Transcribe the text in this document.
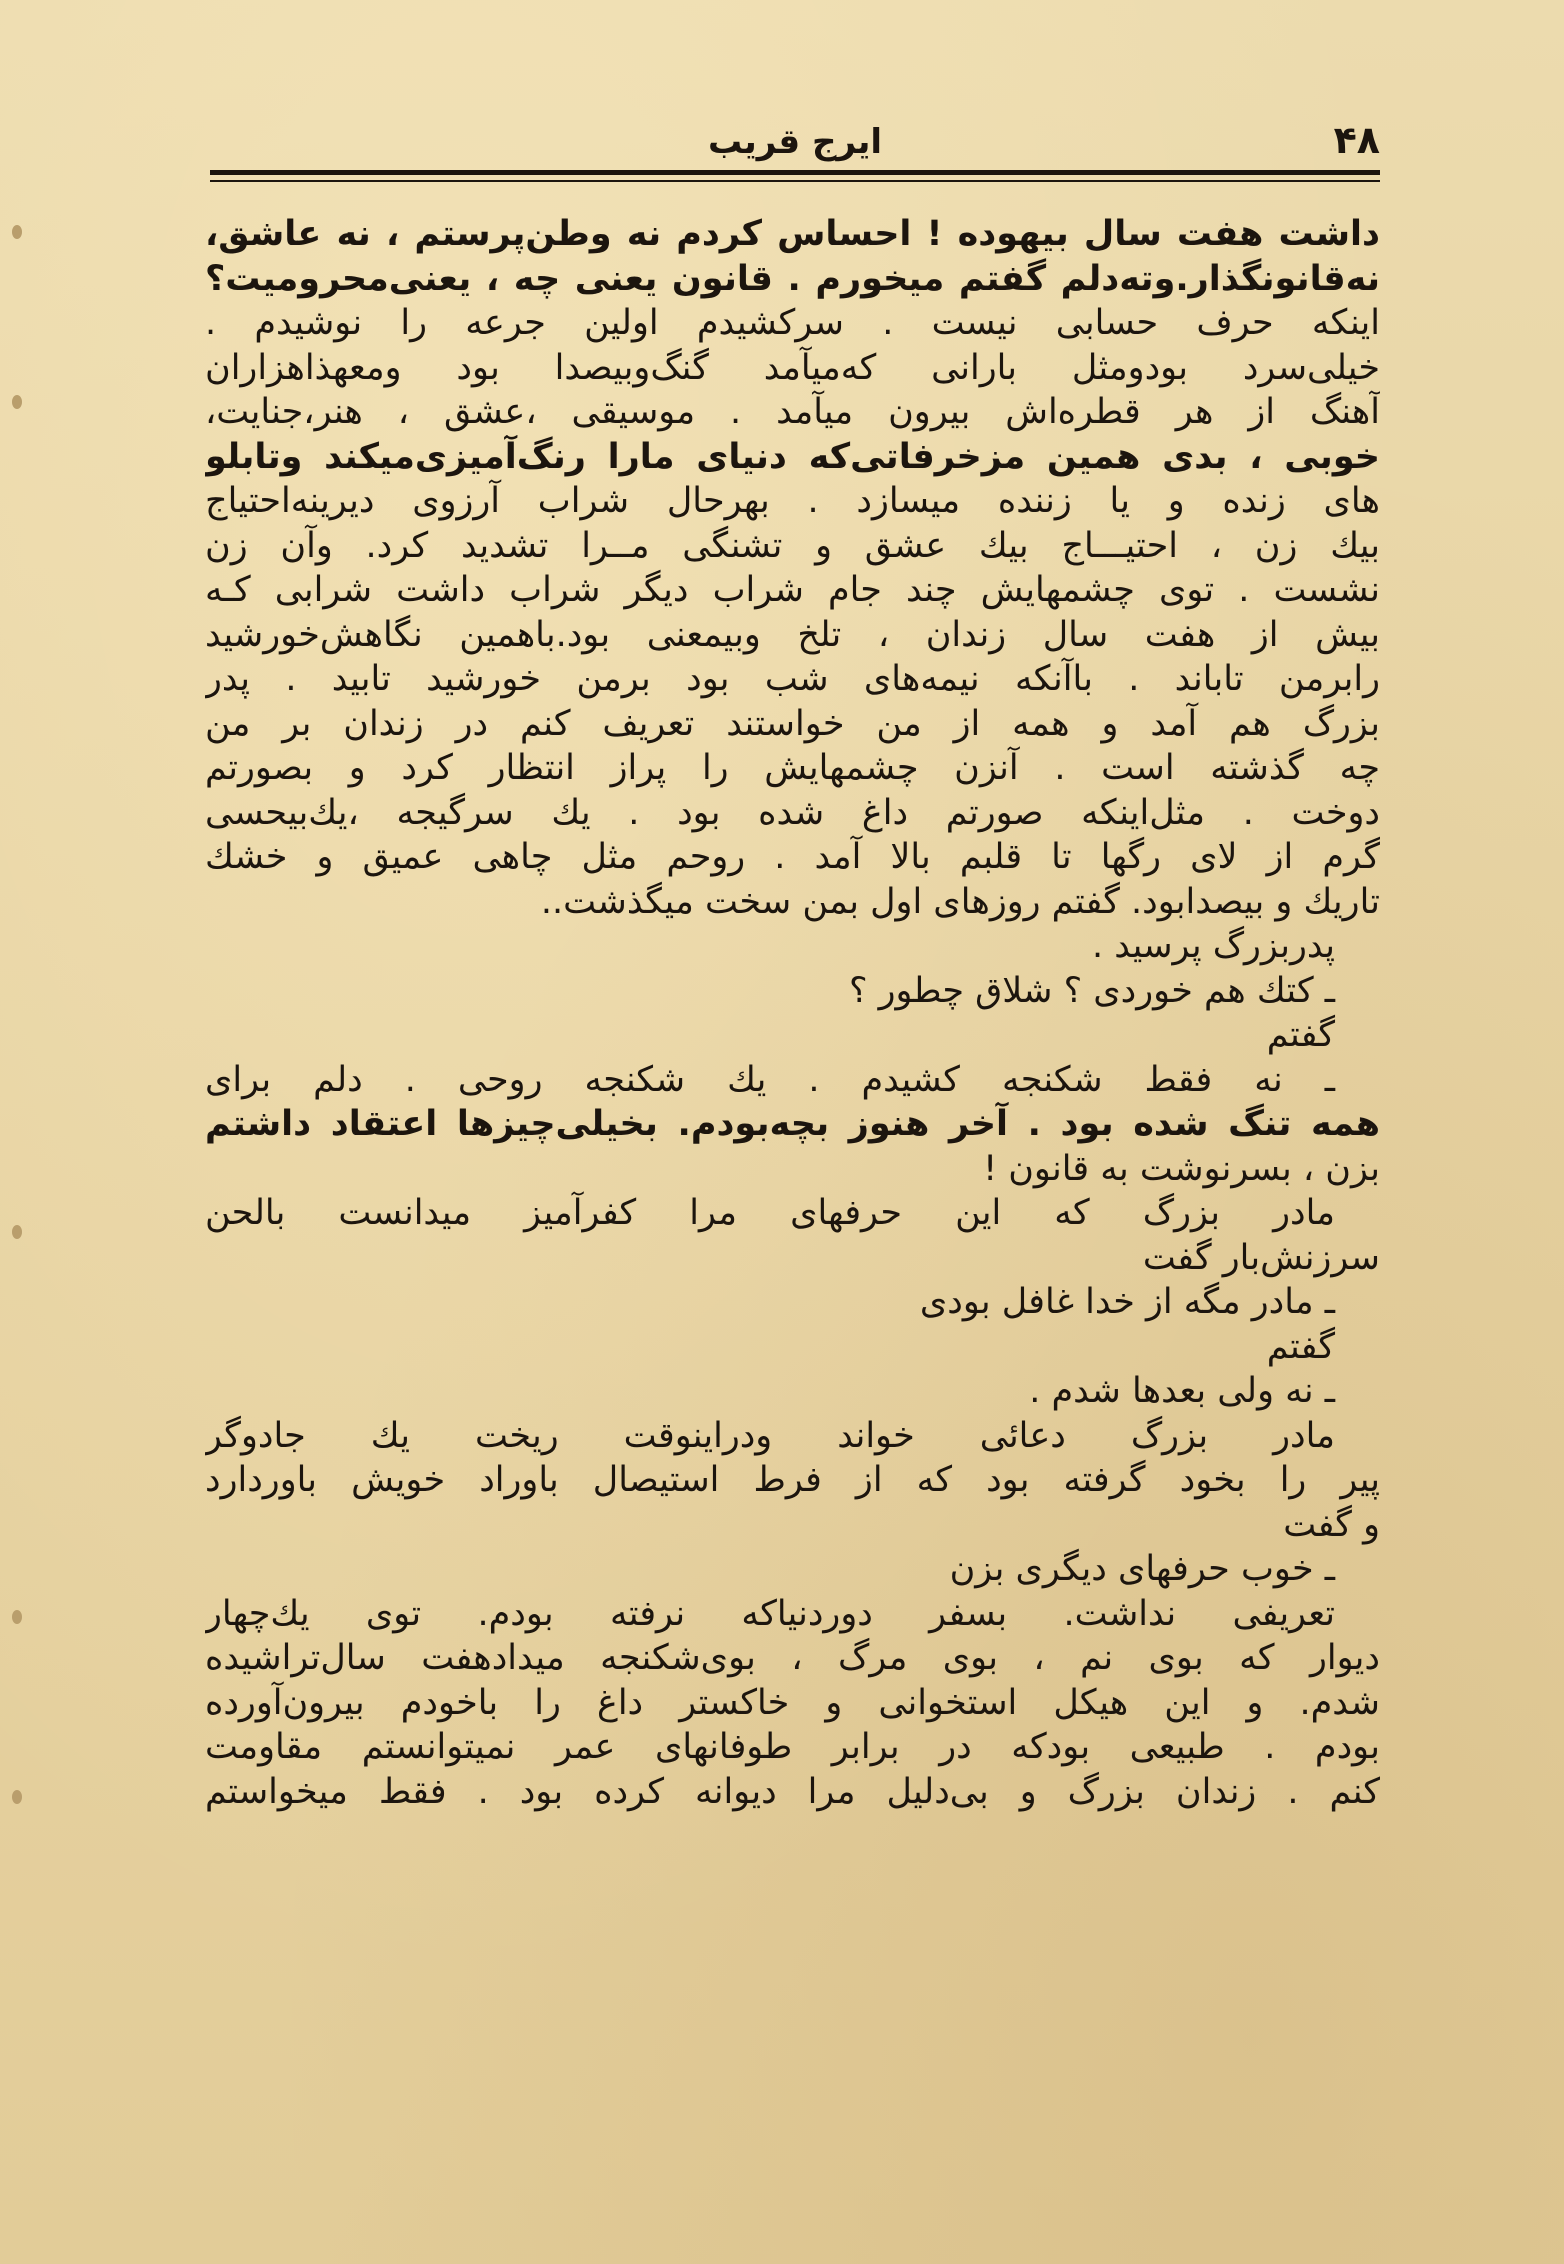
۴۸
ایرج قریب
داشت هفت سال بیهوده ! احساس کردم نه وطن‌پرستم ، نه عاشق،
نه‌قانونگذار.وته‌دلم گفتم میخورم . قانون یعنی چه ، یعنی‌محرومیت؟
اینکه حرف حسابی نیست . سرکشیدم اولین جرعه را نوشیدم .
خیلی‌سرد بودومثل بارانی که‌میآمد گنگ‌وبیصدا بود ومعهذاهزاران
آهنگ از هر قطره‌اش بیرون میآمد . موسیقی ،عشق ، هنر،جنایت،
خوبی ، بدی همین مزخرفاتی‌که دنیای مارا رنگ‌آمیزی‌میکند وتابلو
های زنده و یا زننده میسازد . بهرحال شراب آرزوی دیرینه‌احتیاج
بیك زن ، احتیـــاج بیك عشق و تشنگی مــرا تشدید کرد. وآن زن
نشست . توی چشمهایش چند جام شراب دیگر شراب داشت شرابی کـه
بیش از هفت سال زندان ، تلخ وبیمعنی بود.باهمین نگاهش‌خورشید
رابرمن تاباند . باآنکه نیمه‌های شب بود برمن خورشید تابید . پدر
بزرگ هم آمد و همه از من خواستند تعریف کنم در زندان بر من
چه گذشته است . آنزن چشمهایش را پراز انتظار کرد و بصورتم
دوخت . مثل‌اینکه صورتم داغ شده بود . یك سرگیجه ،یك‌بیحسی
گرم از لای رگها تا قلبم بالا آمد . روحم مثل چاهی عمیق و خشك
تاریك و بیصدابود. گفتم روزهای اول بمن سخت میگذشت..
پدربزرگ پرسید .
ـ کتك هم خوردی ؟ شلاق چطور ؟
گفتم
ـ نه فقط شکنجه کشیدم . یك شکنجه روحی . دلم برای
همه تنگ شده بود . آخر هنوز بچه‌بودم. بخیلی‌چیزها اعتقاد داشتم
بزن ، بسرنوشت به قانون !
مادر بزرگ که این حرفهای مرا کفرآمیز میدانست بالحن
سرزنش‌بار گفت
ـ مادر مگه از خدا غافل بودی
گفتم
ـ نه ولی بعدها شدم .
مادر بزرگ دعائی خواند ودراینوقت ریخت یك جادوگر
پیر را بخود گرفته بود که از فرط استیصال باوراد خویش باوردارد
و گفت
ـ خوب حرفهای دیگری بزن
تعریفی نداشت. بسفر دوردنیاکه نرفته بودم. توی یك‌چهار
دیوار که بوی نم ، بوی مرگ ، بوی‌شکنجه میدادهفت سال‌تراشیده
شدم. و این هیکل استخوانی و خاکستر داغ را باخودم بیرون‌آورده
بودم . طبیعی بودکه در برابر طوفانهای عمر نمیتوانستم مقاومت
کنم . زندان بزرگ و بی‌دلیل مرا دیوانه کرده بود . فقط میخواستم
